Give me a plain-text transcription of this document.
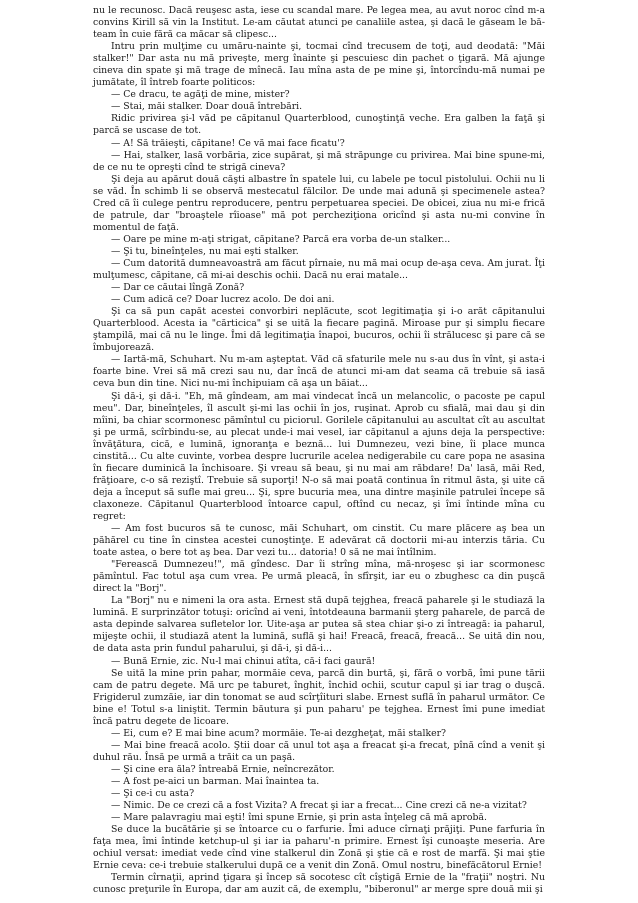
nu le recunosc. Dacă reuşesc asta, iese cu scandal mare. Pe legea mea, au avut noroc cînd m-a convins Kirill să vin la Institut. Le-am căutat atunci pe canaliile astea, şi dacă le găseam le bă-team în cuie fără ca măcar să clipesc...

Intru prin mulţime cu umăru-nainte şi, tocmai cînd trecusem de toţi, aud deodată: "Măi stalker!" Dar asta nu mă priveşte, merg înainte şi pescuiesc din pachet o ţigară. Mă ajunge cineva din spate şi mă trage de mînecă. Iau mîna asta de pe mine şi, întorcîndu-mă numai pe jumătate, îl întreb foarte politicos:

— Ce dracu, te agăţi de mine, mister?

— Stai, măi stalker. Doar două întrebări.

Ridic privirea şi-l văd pe căpitanul Quarterblood, cunoştinţă veche. Era galben la faţă şi parcă se uscase de tot.

— A! Să trăieşti, căpitane! Ce vă mai face ficatu'?

— Hai, stalker, lasă vorbăria, zice supărat, şi mă străpunge cu privirea. Mai bine spune-mi, de ce nu te opreşti cînd te strigă cineva?

Şi deja au apărut două căşti albastre în spatele lui, cu labele pe tocul pistolului. Ochii nu li se văd. În schimb li se observă mestecatul fălcilor. De unde mai adună şi specimenele astea? Cred că îi culege pentru reproducere, pentru perpetuarea speciei. De obicei, ziua nu mi-e frică de patrule, dar "broaştele rîioase" mă pot percheziţiona oricînd şi asta nu-mi convine în momentul de faţă.

— Oare pe mine m-aţi strigat, căpitane? Parcă era vorba de-un stalker...

— Şi tu, bineînţeles, nu mai eşti stalker.

— Cum datorită dumneavoastră am făcut pîrnaie, nu mă mai ocup de-aşa ceva. Am jurat. Îţi mulţumesc, căpitane, că mi-ai deschis ochii. Dacă nu erai matale...

— Dar ce căutai lîngă Zonă?

— Cum adică ce? Doar lucrez acolo. De doi ani.

Şi ca să pun capăt acestei convorbiri neplăcute, scot legitimaţia şi i-o arăt căpitanului Quarterblood. Acesta ia "cărticica" şi se uită la fiecare pagină. Miroase pur şi simplu fiecare ştampilă, mai că nu le linge. Îmi dă legitimaţia înapoi, bucuros, ochii îi strălucesc şi pare că se îmbujorează.

— Iartă-mă, Schuhart. Nu m-am aşteptat. Văd că sfaturile mele nu s-au dus în vînt, şi asta-i foarte bine. Vrei să mă crezi sau nu, dar încă de atunci mi-am dat seama că trebuie să iasă ceva bun din tine. Nici nu-mi închipuiam că aşa un băiat...

Şi dă-i, şi dă-i. "Eh, mă gîndeam, am mai vindecat încă un melancolic, o pacoste pe capul meu". Dar, bineînţeles, îl ascult şi-mi las ochii în jos, ruşinat. Aprob cu sfială, mai dau şi din mîini, ba chiar scormonesc pămîntul cu piciorul. Gorilele căpitanului au ascultat cît au ascultat şi pe urmă, scîrbindu-se, au plecat unde-i mai vesel, iar căpitanul a ajuns deja la perspective: învăţătura, cică, e lumină, ignoranţa e beznă... lui Dumnezeu, vezi bine, îi place munca cinstită... Cu alte cuvinte, vorbea despre lucrurile acelea nedigerabile cu care popa ne asasina în fiecare duminică la închisoare. Şi vreau să beau, şi nu mai am răbdare! Da' lasă, măi Red, frăţioare, c-o să reziştî. Trebuie să suporţi! N-o să mai poată continua în ritmul ăsta, şi uite că deja a început să sufle mai greu... Şi, spre bucuria mea, una dintre maşinile patrulei începe să claxoneze. Căpitanul Quarterblood întoarce capul, oftînd cu necaz, şi îmi întinde mîna cu regret:

— Am fost bucuros să te cunosc, măi Schuhart, om cinstit. Cu mare plăcere aş bea un păhărel cu tine în cinstea acestei cunoştinţe. E adevărat că doctorii mi-au interzis tăria. Cu toate astea, o bere tot aş bea. Dar vezi tu... datoria! 0 să ne mai întîlnim.

"Ferească Dumnezeu!", mă gîndesc. Dar îi strîng mîna, mă-nroşesc şi iar scormonesc pămîntul. Fac totul aşa cum vrea. Pe urmă pleacă, în sfîrşit, iar eu o zbughesc ca din puşcă direct la "Borj".

La "Borj" nu e nimeni la ora asta. Ernest stă după tejghea, freacă paharele şi le studiază la lumină. E surprinzător totuşi: oricînd ai veni, întotdeauna barmanii şterg paharele, de parcă de asta depinde salvarea sufletelor lor. Uite-aşa ar putea să stea chiar şi-o zi întreagă: ia paharul, mijeşte ochii, il studiază atent la lumină, suflă şi hai! Freacă, freacă, freacă... Se uită din nou, de data asta prin fundul paharului, şi dă-i, şi dă-i...

— Bună Ernie, zic. Nu-l mai chinui atîta, că-i faci gaură!

Se uită la mine prin pahar, mormăie ceva, parcă din burtă, şi, fără o vorbă, îmi pune tării cam de patru degete. Mă urc pe taburet, înghit, închid ochii, scutur capul şi iar trag o duşcă. Frigiderul zumzăie, iar din tonomat se aud scîrţîituri slabe. Ernest suflă în paharul următor. Ce bine e! Totul s-a liniştit. Termin băutura şi pun paharu' pe tejghea. Ernest îmi pune imediat încă patru degete de licoare.

— Ei, cum e? E mai bine acum? mormăie. Te-ai dezgheţat, măi stalker?

— Mai bine freacă acolo. Ştii doar că unul tot aşa a freacat şi-a frecat, pînă cînd a venit şi duhul rău. Însă pe urmă a trăit ca un paşă.

— Şi cine era ăla? întreabă Ernie, neîncrezător.

— A fost pe-aici un barman. Mai înaintea ta.

— Şi ce-i cu asta?

— Nimic. De ce crezi că a fost Vizita? A frecat şi iar a frecat... Cine crezi că ne-a vizitat?

— Mare palavragiu mai eşti! îmi spune Ernie, şi prin asta înţeleg că mă aprobă.

Se duce la bucătărie şi se întoarce cu o farfurie. Îmi aduce cîrnaţi prăjiţi. Pune farfuria în faţa mea, îmi întinde ketchup-ul şi iar ia paharu'-n primire. Ernest îşi cunoaşte meseria. Are ochiul versat: imediat vede cînd vine stalkerul din Zonă şi ştie că e rost de marfă. Şi mai ştie Ernie ceva: ce-i trebuie stalkerului după ce a venit din Zonă. Omul nostru, binefăcătorul Ernie!

Termin cîrnaţii, aprind ţigara şi încep să socotesc cît cîştigă Ernie de la "fraţii" noştri. Nu cunosc preţurile în Europa, dar am auzit că, de exemplu, "biberonul" ar merge spre două mii şi
